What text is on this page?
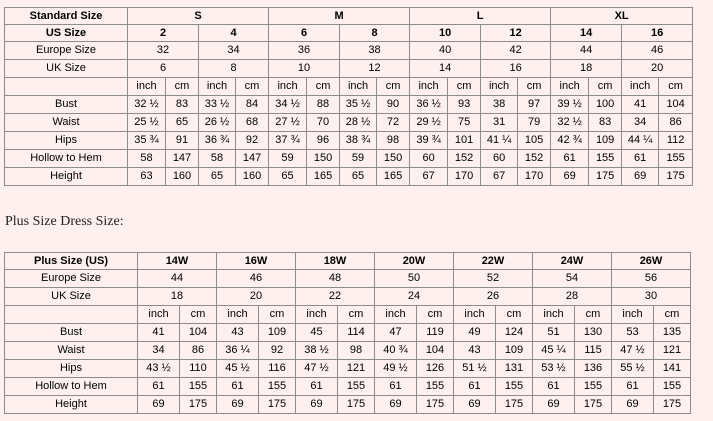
Standard Size	S				M				L				XL			
US Size	2		4		6		8		10		12		14		16	
Europe Size	32		34		36		38		40		42		44		46	
UK Size	6		8		10		12		14		16		18		20	
	inch	cm	inch	cm	inch	cm	inch	cm	inch	cm	inch	cm	inch	cm	inch	cm
Bust	32 ½	83	33 ½	84	34 ½	88	35 ½	90	36 ½	93	38	97	39 ½	100	41	104
Waist	25 ½	65	26 ½	68	27 ½	70	28 ½	72	29 ½	75	31	79	32 ½	83	34	86
Hips	35 ¾	91	36 ¾	92	37 ¾	96	38 ¾	98	39 ¾	101	41 ¼	105	42 ¾	109	44 ¼	112
Hollow to Hem	58	147	58	147	59	150	59	150	60	152	60	152	61	155	61	155
Height	63	160	65	160	65	165	65	165	67	170	67	170	69	175	69	175
Plus Size Dress Size:
Plus Size (US)	14W		16W		18W		20W		22W		24W		26W	
Europe Size	44		46		48		50		52		54		56	
UK Size	18		20		22		24		26		28		30	
	inch	cm	inch	cm	inch	cm	inch	cm	inch	cm	inch	cm	inch	cm
Bust	41	104	43	109	45	114	47	119	49	124	51	130	53	135
Waist	34	86	36 ¼	92	38 ½	98	40 ¾	104	43	109	45 ¼	115	47 ½	121
Hips	43 ½	110	45 ½	116	47 ½	121	49 ½	126	51 ½	131	53 ½	136	55 ½	141
Hollow to Hem	61	155	61	155	61	155	61	155	61	155	61	155	61	155
Height	69	175	69	175	69	175	69	175	69	175	69	175	69	175
